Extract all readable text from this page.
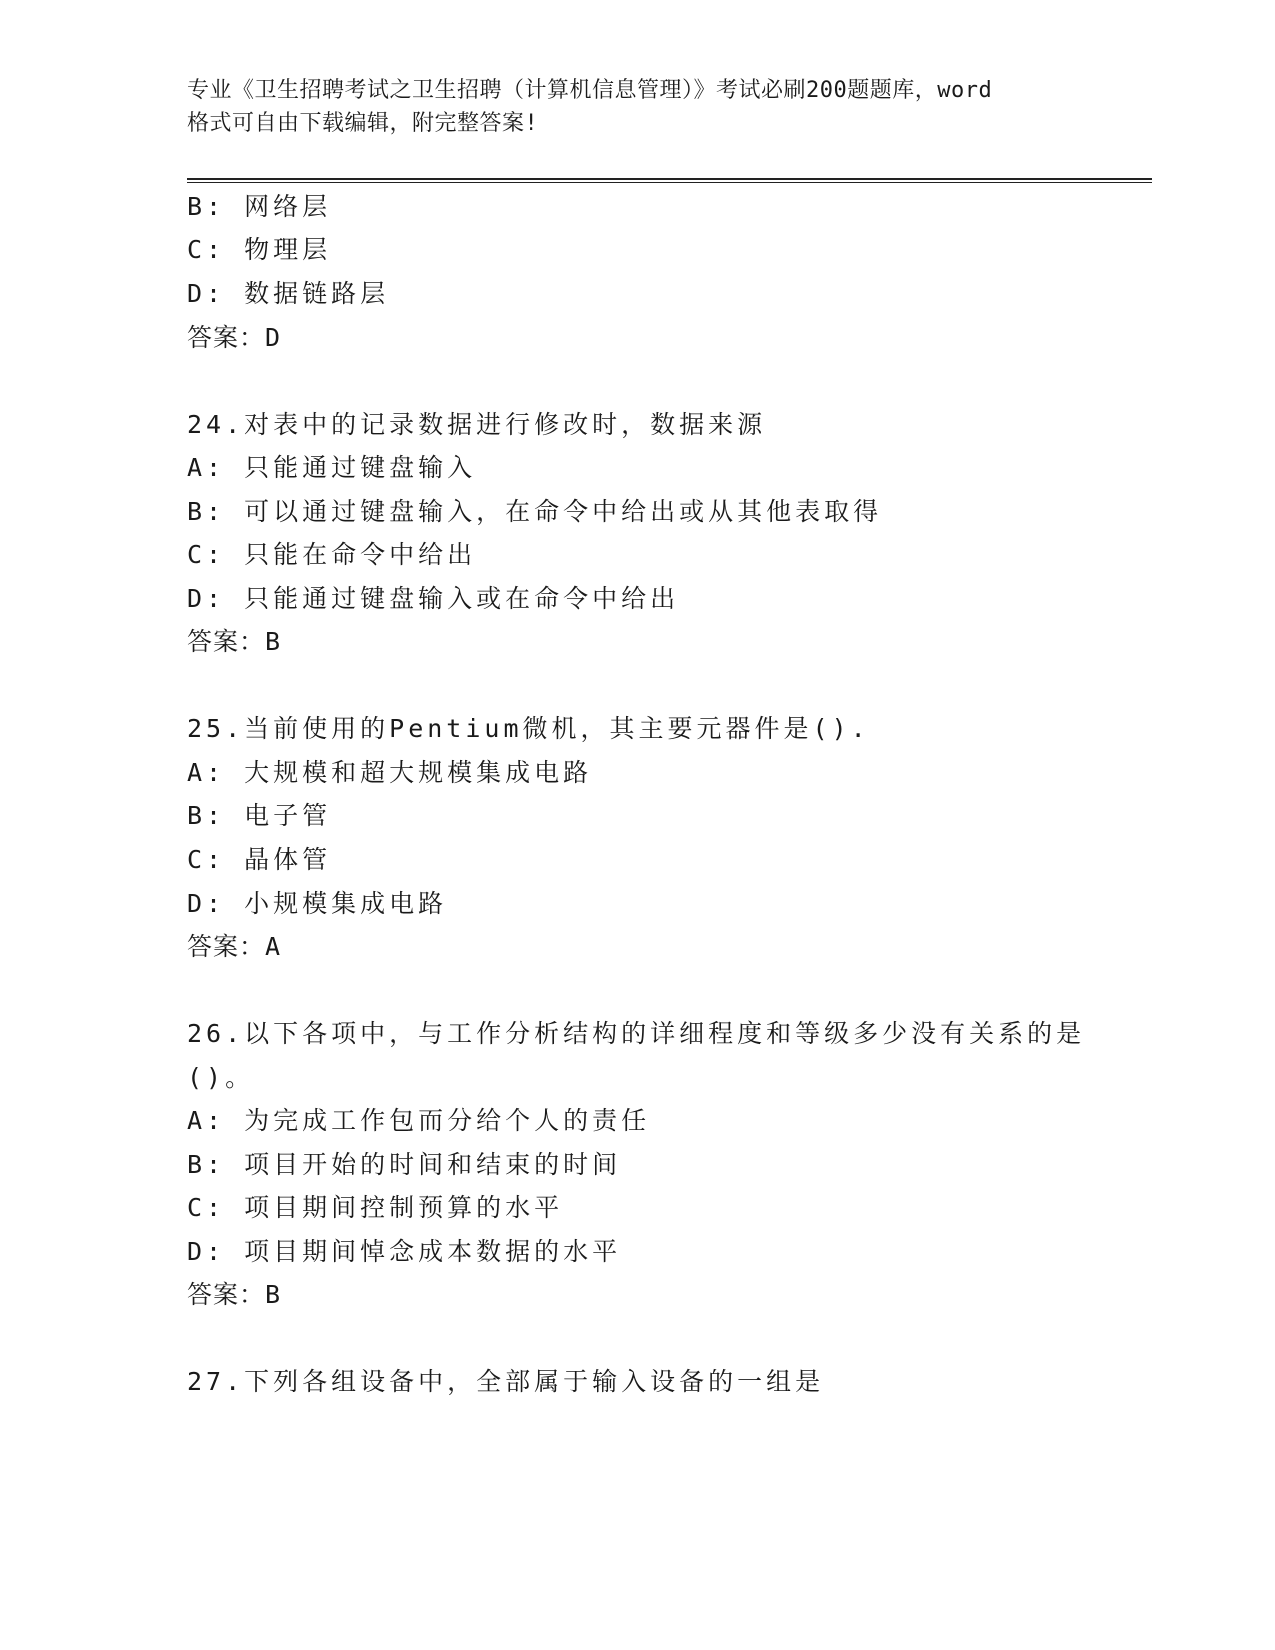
专业《卫生招聘考试之卫生招聘（计算机信息管理）》考试必刷200题题库，word
格式可自由下载编辑，附完整答案!
B: 网络层
C: 物理层
D: 数据链路层
答案：D
24.对表中的记录数据进行修改时，数据来源
A: 只能通过键盘输入
B: 可以通过键盘输入，在命令中给出或从其他表取得
C: 只能在命令中给出
D: 只能通过键盘输入或在命令中给出
答案：B
25.当前使用的Pentium微机，其主要元器件是().
A: 大规模和超大规模集成电路
B: 电子管
C: 晶体管
D: 小规模集成电路
答案：A
26.以下各项中，与工作分析结构的详细程度和等级多少没有关系的是
()。
A: 为完成工作包而分给个人的责任
B: 项目开始的时间和结束的时间
C: 项目期间控制预算的水平
D: 项目期间悼念成本数据的水平
答案：B
27.下列各组设备中，全部属于输入设备的一组是
